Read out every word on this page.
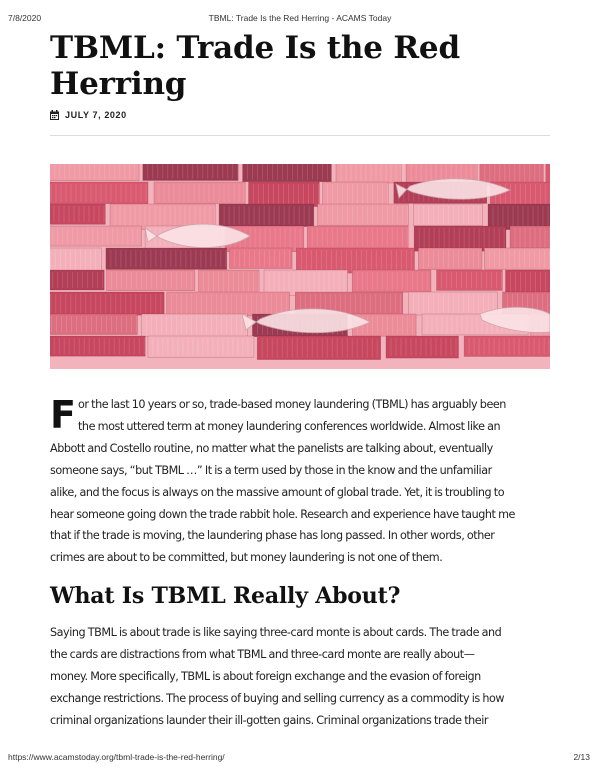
7/8/2020	TBML: Trade Is the Red Herring - ACAMS Today
TBML: Trade Is the Red
Herring
JULY 7, 2020
F or the last 10 years or so, trade-based money laundering (TBML) has arguably been
the most uttered term at money laundering conferences worldwide. Almost like an
Abbott and Costello routine, no matter what the panelists are talking about, eventually
someone says, “but TBML …” It is a term used by those in the know and the unfamiliar
alike, and the focus is always on the massive amount of global trade. Yet, it is troubling to
hear someone going down the trade rabbit hole. Research and experience have taught me
that if the trade is moving, the laundering phase has long passed. In other words, other
crimes are about to be committed, but money laundering is not one of them.
What Is TBML Really About?
Saying TBML is about trade is like saying three-card monte is about cards. The trade and
the cards are distractions from what TBML and three-card monte are really about—
money. More specifically, TBML is about foreign exchange and the evasion of foreign
exchange restrictions. The process of buying and selling currency as a commodity is how
criminal organizations launder their ill-gotten gains. Criminal organizations trade their
https://www.acamstoday.org/tbml-trade-is-the-red-herring/	2/13
